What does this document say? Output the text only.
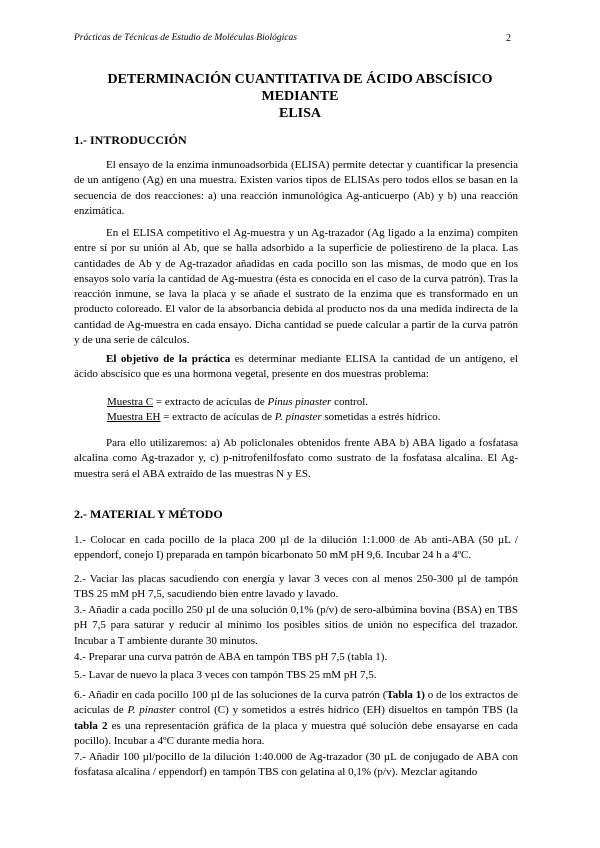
Prácticas de Técnicas de Estudio de Moléculas Biológicas	2
DETERMINACIÓN CUANTITATIVA DE ÁCIDO ABSCÍSICO MEDIANTE
ELISA
1.- INTRODUCCIÓN
El ensayo de la enzima inmunoadsorbida (ELISA) permite detectar y cuantificar la presencia de un antígeno (Ag) en una muestra. Existen varios tipos de ELISAs pero todos ellos se basan en la secuencia de dos reacciones: a) una reacción inmunológica Ag-anticuerpo (Ab) y b) una reacción enzimática.
En el ELISA competitivo el Ag-muestra y un Ag-trazador (Ag ligado a la enzima) compiten entre sí por su unión al Ab, que se halla adsorbido a la superficie de poliestireno de la placa. Las cantidades de Ab y de Ag-trazador añadidas en cada pocillo son las mismas, de modo que en los ensayos solo varía la cantidad de Ag-muestra (ésta es conocida en el caso de la curva patrón). Tras la reacción inmune, se lava la placa y se añade el sustrato de la enzima que es transformado en un producto coloreado. El valor de la absorbancia debida al producto nos da una medida indirecta de la cantidad de Ag-muestra en cada ensayo. Dicha cantidad se puede calcular a partir de la curva patrón y de una serie de cálculos.
El objetivo de la práctica es determinar mediante ELISA la cantidad de un antígeno, el ácido abscísico que es una hormona vegetal, presente en dos muestras problema:
Muestra C = extracto de acículas de Pinus pinaster control.
Muestra EH = extracto de acículas de P. pinaster sometidas a estrés hídrico.
Para ello utilizaremos: a) Ab policlonales obtenidos frente ABA b) ABA ligado a fosfatasa alcalina como Ag-trazador y, c) p-nitrofenilfosfato como sustrato de la fosfatasa alcalina. El Ag-muestra será el ABA extraído de las muestras N y ES.
2.- MATERIAL Y MÉTODO
1.- Colocar en cada pocillo de la placa 200 µl de la dilución 1:1.000 de Ab anti-ABA (50 µL / eppendorf, conejo I) preparada en tampón bicarbonato 50 mM pH 9,6. Incubar 24 h a 4ºC.
2.- Vaciar las placas sacudiendo con energía y lavar 3 veces con al menos 250-300 µl de tampón TBS 25 mM pH 7,5, sacudiendo bien entre lavado y lavado.
3.- Añadir a cada pocillo 250 µl de una solución 0,1% (p/v) de sero-albúmina bovina (BSA) en TBS pH 7,5 para saturar y reducir al mínimo los posibles sitios de unión no específica del trazador. Incubar a T ambiente durante 30 minutos.
4.- Preparar una curva patrón de ABA en tampón TBS pH 7,5 (tabla 1).
5.- Lavar de nuevo la placa 3 veces con tampón TBS 25 mM pH 7,5.
6.- Añadir en cada pocillo 100 µl de las soluciones de la curva patrón (Tabla 1) o de los extractos de acículas de P. pinaster control (C) y sometidos a estrés hídrico (EH) disueltos en tampón TBS (la tabla 2 es una representación gráfica de la placa y muestra qué solución debe ensayarse en cada pocillo). Incubar a 4ºC durante media hora.
7.- Añadir 100 µl/pocillo de la dilución 1:40.000 de Ag-trazador (30 µL de conjugado de ABA con fosfatasa alcalina / eppendorf) en tampón TBS con gelatina al 0,1% (p/v). Mezclar agitando
